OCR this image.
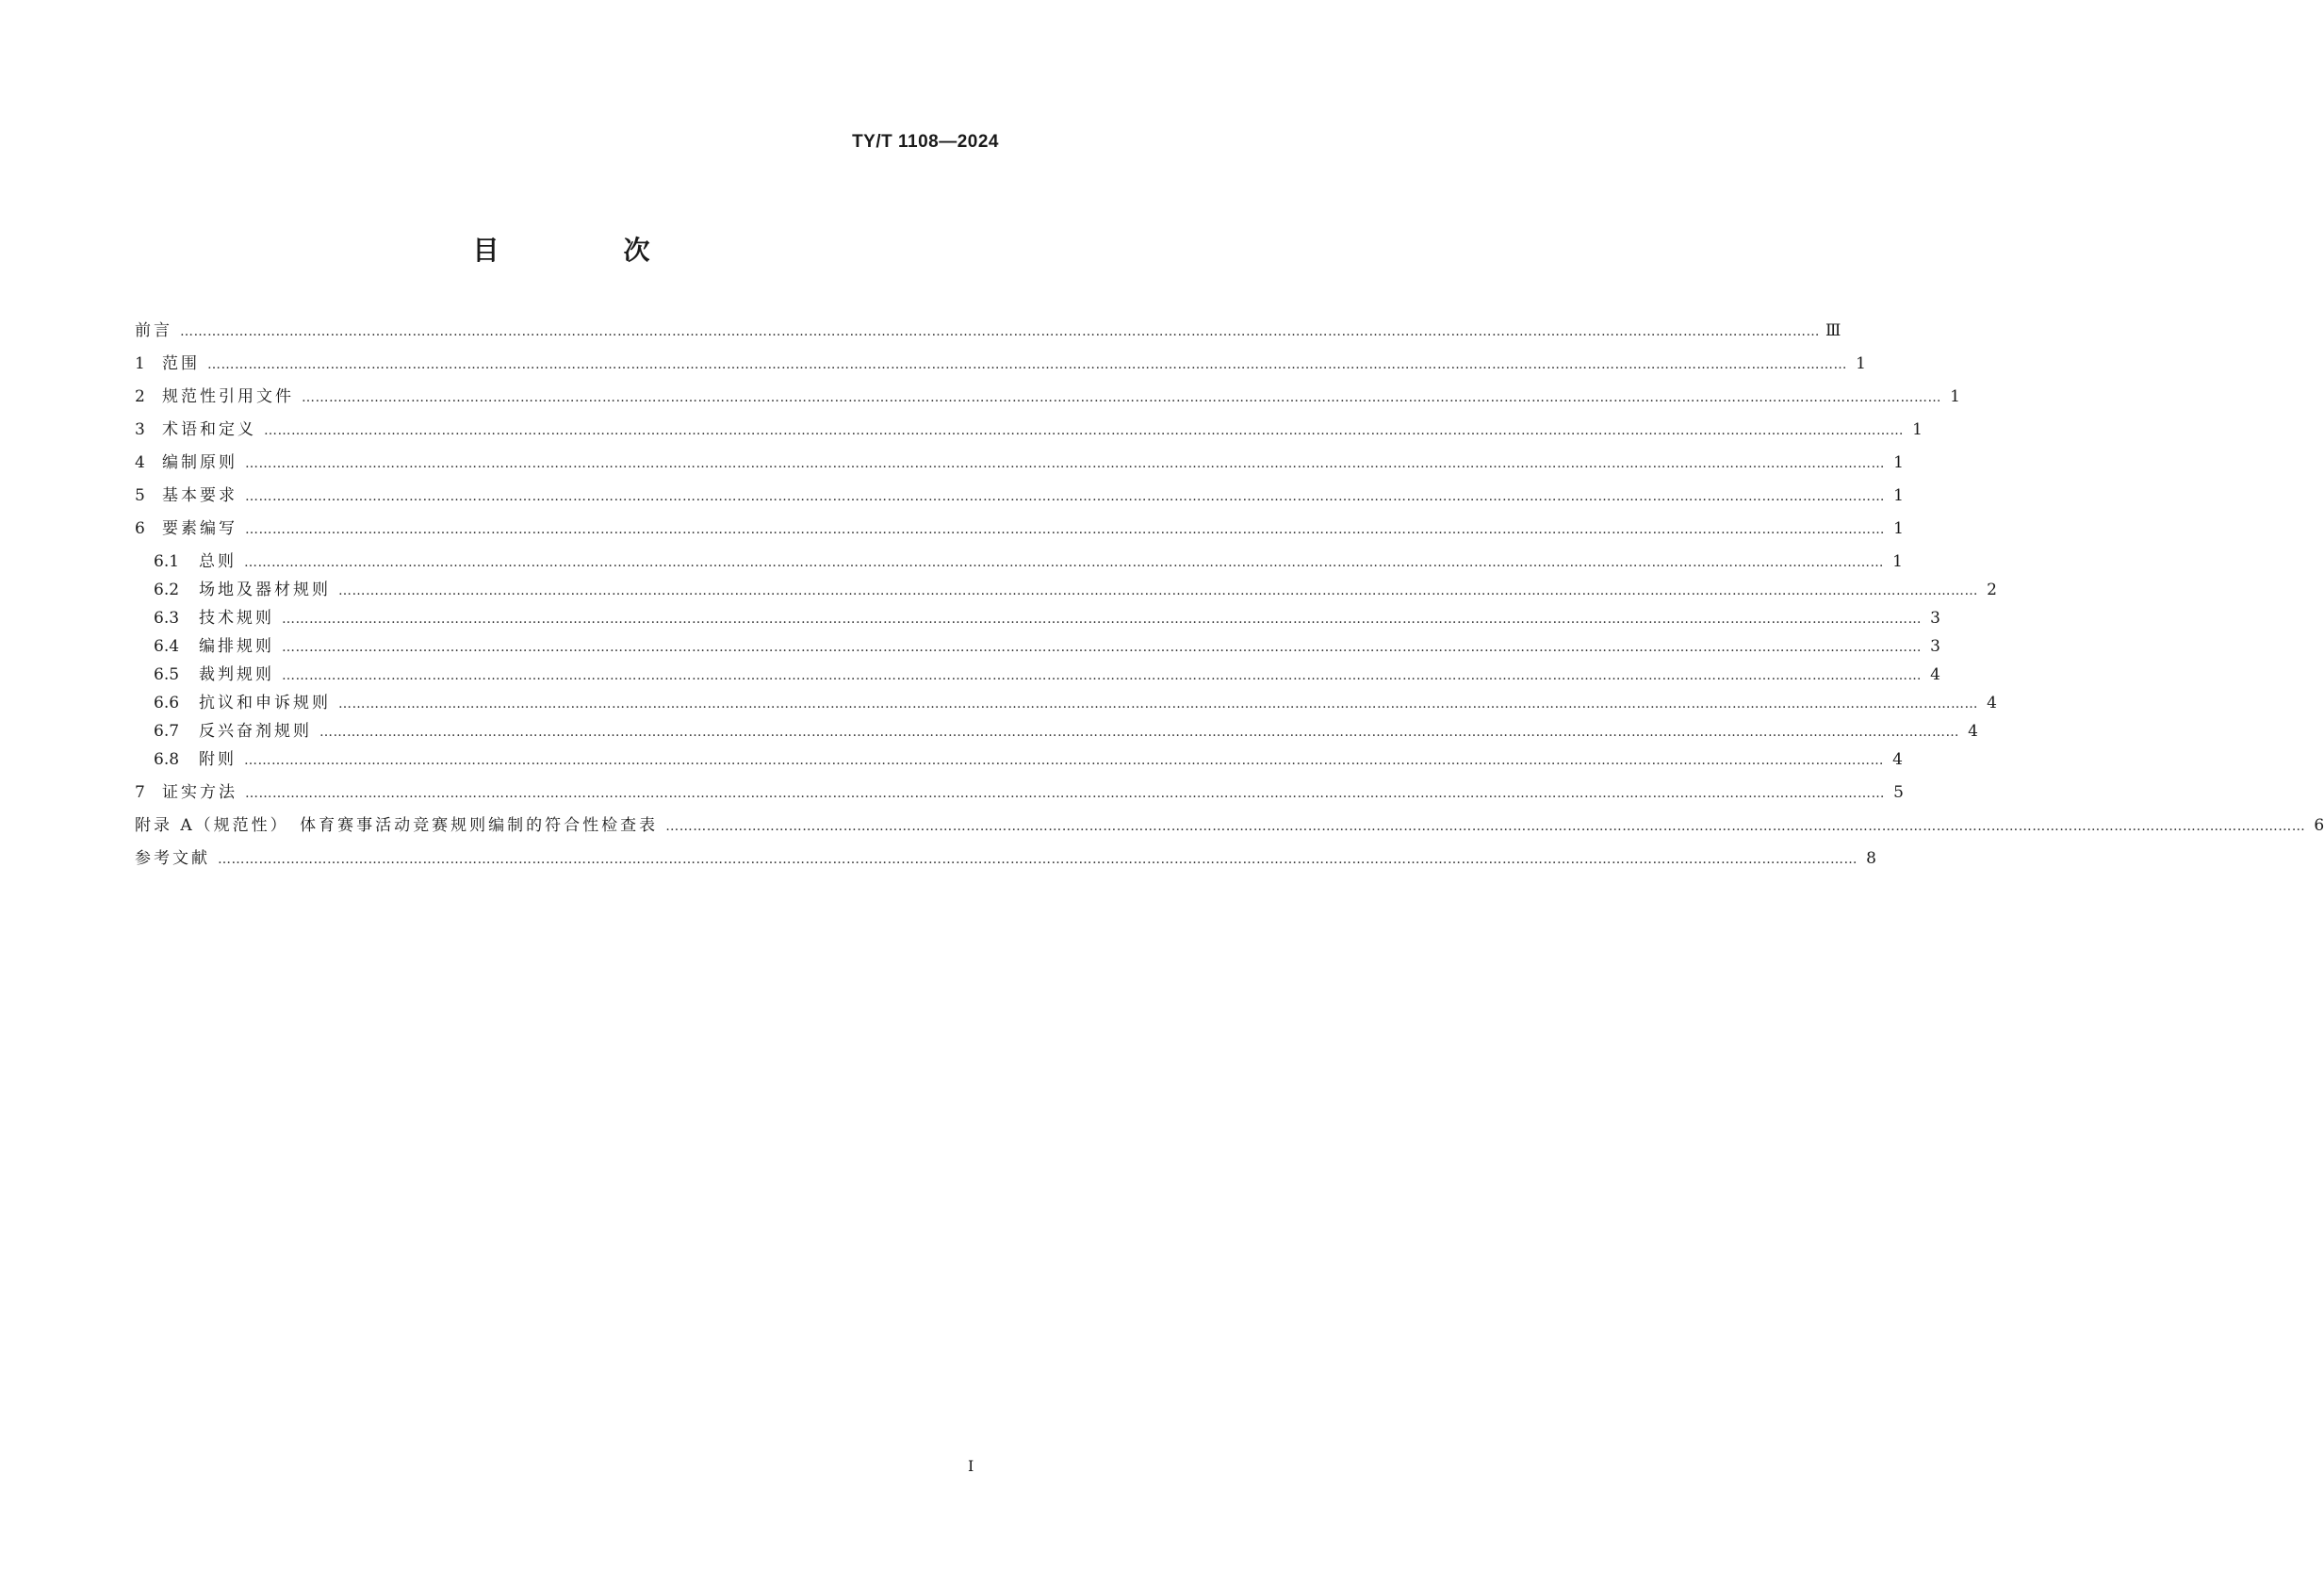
TY/T 1108—2024
目　次
前言 ……………………………………………………………………………………………………………………………………………………………………………………………………………………………………………………………………………………………………………………………… Ⅲ
1	范围 ……………………………………………………………………………………………………………………………………………………………………………………………………………………………………………………………………………………………………………………………… 1
2	规范性引用文件 ……………………………………………………………………………………………………………………………………………………………………………………………………………………………………………………………………………………………………………………………… 1
3	术语和定义 ……………………………………………………………………………………………………………………………………………………………………………………………………………………………………………………………………………………………………………………………… 1
4	编制原则 ……………………………………………………………………………………………………………………………………………………………………………………………………………………………………………………………………………………………………………………………… 1
5	基本要求 ……………………………………………………………………………………………………………………………………………………………………………………………………………………………………………………………………………………………………………………………… 1
6	要素编写 ……………………………………………………………………………………………………………………………………………………………………………………………………………………………………………………………………………………………………………………………… 1
6.1	总则 ……………………………………………………………………………………………………………………………………………………………………………………………………………………………………………………………………………………………………………………………… 1
6.2	场地及器材规则 ……………………………………………………………………………………………………………………………………………………………………………………………………………………………………………………………………………………………………………………………… 2
6.3	技术规则 ……………………………………………………………………………………………………………………………………………………………………………………………………………………………………………………………………………………………………………………………… 3
6.4	编排规则 ……………………………………………………………………………………………………………………………………………………………………………………………………………………………………………………………………………………………………………………………… 3
6.5	裁判规则 ……………………………………………………………………………………………………………………………………………………………………………………………………………………………………………………………………………………………………………………………… 4
6.6	抗议和申诉规则 ……………………………………………………………………………………………………………………………………………………………………………………………………………………………………………………………………………………………………………………………… 4
6.7	反兴奋剂规则 ……………………………………………………………………………………………………………………………………………………………………………………………………………………………………………………………………………………………………………………………… 4
6.8	附则 ……………………………………………………………………………………………………………………………………………………………………………………………………………………………………………………………………………………………………………………………… 4
7	证实方法 ……………………………………………………………………………………………………………………………………………………………………………………………………………………………………………………………………………………………………………………………… 5
附录 A（规范性）　体育赛事活动竞赛规则编制的符合性检查表 ……………………………………………………………………………………………………………………………………………………………………………………………………………………………………………………………………………………………………………………………… 6
参考文献 ……………………………………………………………………………………………………………………………………………………………………………………………………………………………………………………………………………………………………………………………… 8
Ⅰ
